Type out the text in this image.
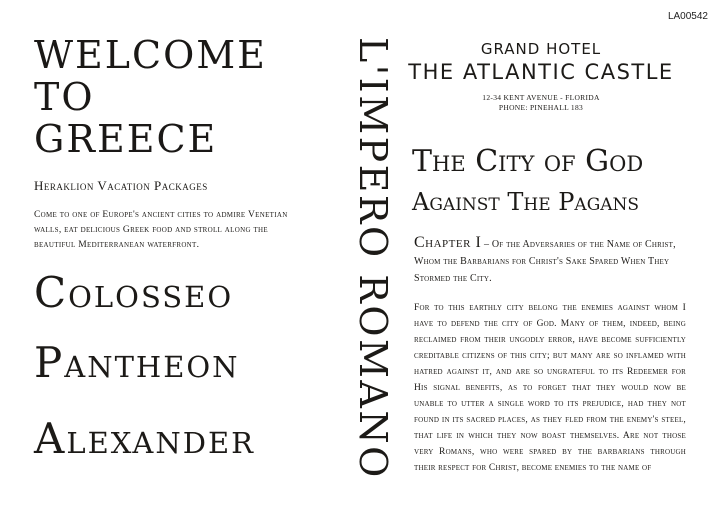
LA00542
WELCOME
TO
GREECE
Heraklion Vacation Packages
Come to one of Europe's ancient cities to admire Venetian walls, eat delicious Greek food and stroll along the beautiful Mediterranean waterfront.
Colosseo
Pantheon
Alexander	L'IMPERO ROMANO	GRAND HOTEL
THE ATLANTIC CASTLE
12-34 KENT AVENUE - FLORIDA
PHONE: PINEHALL 183
The City of God
Against The Pagans
Chapter I – Of the Adversaries of the Name of Christ, Whom the Barbarians for Christ's Sake Spared When They Stormed the City.
For to this earthly city belong the enemies against whom I have to defend the city of God. Many of them, indeed, being reclaimed from their ungodly error, have become sufficiently creditable citizens of this city; but many are so inflamed with hatred against it, and are so ungrateful to its Redeemer for His signal benefits, as to forget that they would now be unable to utter a single word to its prejudice, had they not found in its sacred places, as they fled from the enemy's steel, that life in which they now boast themselves. Are not those very Romans, who were spared by the barbarians through their respect for Christ, become enemies to the name of
